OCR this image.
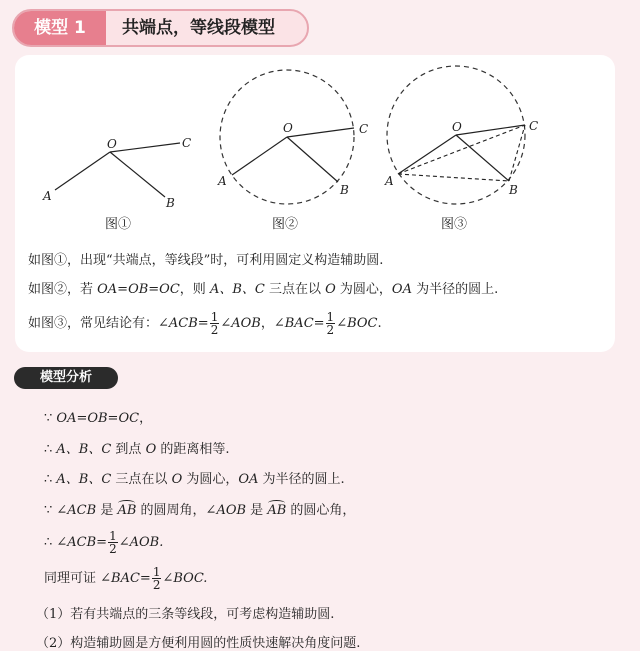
模型 1	共端点，等线段模型
O
A	B
C
O
A
B
C	O
A
B
C
图①	图②	图③
如图①，出现“共端点，等线段”时，可利用圆定义构造辅助圆.
如图②，若 OA=OB=OC，则 A、B、C 三点在以 O 为圆心，OA 为半径的圆上.
如图③，常见结论有：∠ACB= $\frac{1}{2}$ ∠AOB，∠BAC= $\frac{1}{2}$ ∠BOC.
模型分析
∵ OA=OB=OC，
∴ A、B、C 到点 O 的距离相等.
∴ A、B、C 三点在以 O 为圆心，OA 为半径的圆上.
∵ ∠ACB 是 AB 的圆周角，∠AOB 是 AB 的圆心角，
∴ ∠ACB= $\frac{1}{2}$ ∠AOB.
同理可证 ∠BAC= $\frac{1}{2}$ ∠BOC.
（1）若有共端点的三条等线段，可考虑构造辅助圆.
（2）构造辅助圆是方便利用圆的性质快速解决角度问题.
